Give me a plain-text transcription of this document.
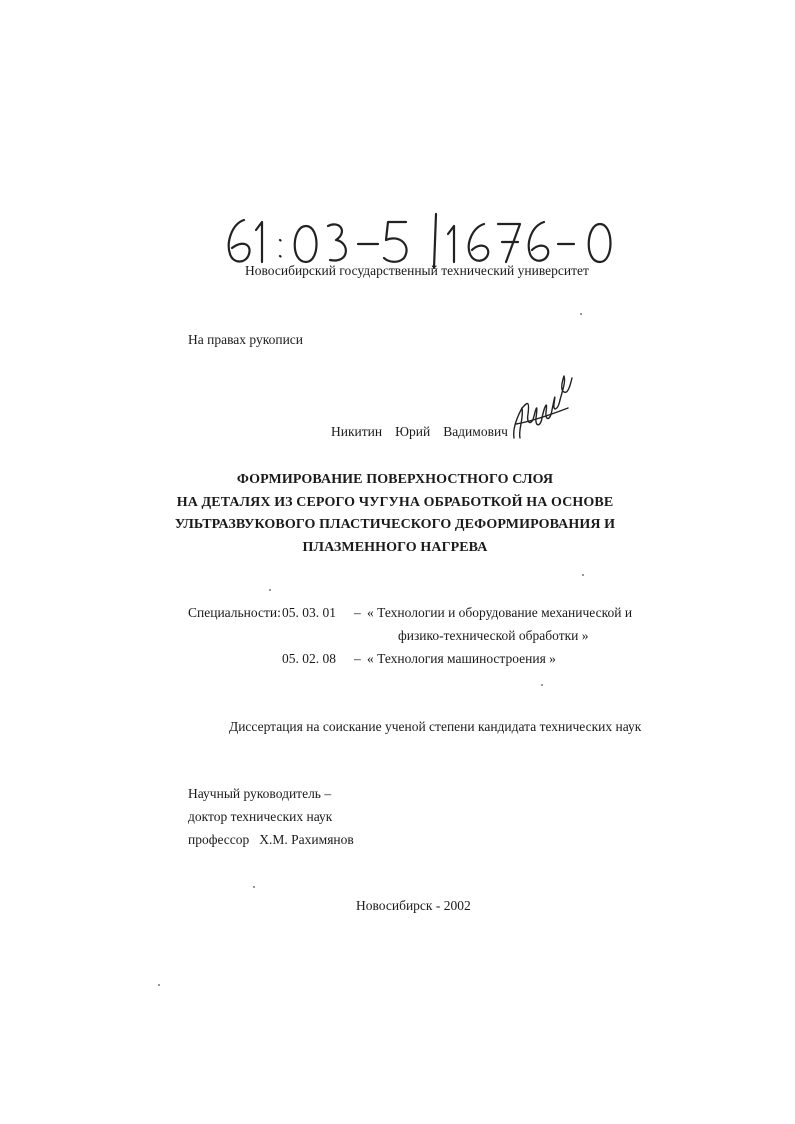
Новосибирский государственный технический университет
На правах рукописи
Никитин Юрий Вадимович
ФОРМИРОВАНИЕ ПОВЕРХНОСТНОГО СЛОЯ
НА ДЕТАЛЯХ ИЗ СЕРОГО ЧУГУНА ОБРАБОТКОЙ НА ОСНОВЕ
УЛЬТРАЗВУКОВОГО ПЛАСТИЧЕСКОГО ДЕФОРМИРОВАНИЯ И
ПЛАЗМЕННОГО НАГРЕВА
Специальности: 05. 03. 01 – « Технологии и оборудование механической и
физико-технической обработки »
05. 02. 08 – « Технология машиностроения »
Диссертация на соискание ученой степени кандидата технических наук
Научный руководитель –
доктор технических наук
профессор Х.М. Рахимянов
Новосибирск - 2002
